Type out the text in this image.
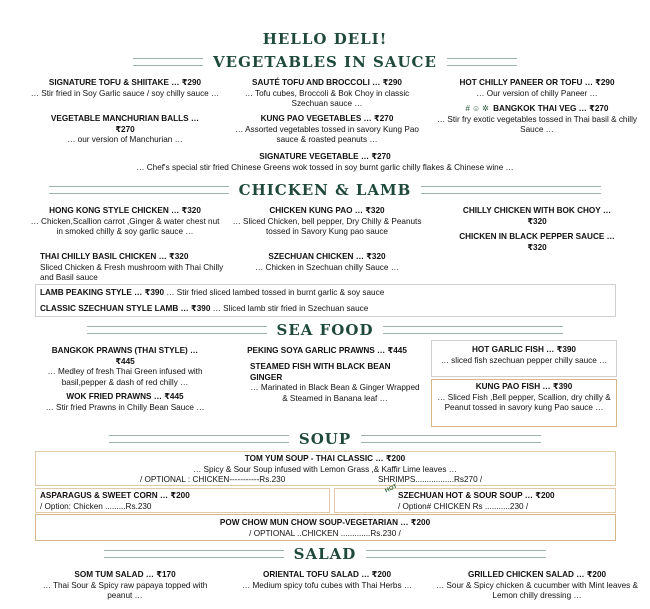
HELLO DELI!
VEGETABLES IN SAUCE
SIGNATURE TOFU & SHIITAKE … ₹290
… Stir fried in Soy Garlic sauce / soy chilly sauce …
SAUTÉ TOFU AND BROCCOLI … ₹290
… Tofu cubes, Broccoli & Bok Choy in classic Szechuan sauce …
HOT CHILLY PANEER OR TOFU … ₹290
… Our version of chilly Paneer …
VEGETABLE MANCHURIAN BALLS …
₹270
… our version of Manchurian …
KUNG PAO VEGETABLES … ₹270
… Assorted vegetables tossed in savory Kung Pao sauce & roasted peanuts …
# ☺ ✲ BANGKOK THAI VEG … ₹270
… Stir fry exotic vegetables tossed in Thai basil & chilly Sauce …
SIGNATURE VEGETABLE … ₹270
… Chef's special stir fried Chinese Greens wok tossed in soy burnt garlic chilly flakes & Chinese wine …
CHICKEN & LAMB
HONG KONG STYLE CHICKEN … ₹320
… Chicken,Scallion carrot ,Ginger & water chest nut in smoked chilly & soy garlic sauce …
CHICKEN KUNG PAO … ₹320
… Sliced Chicken, bell pepper, Dry Chilly & Peanuts tossed in Savory Kung pao sauce
CHILLY CHICKEN WITH BOK CHOY …
₹320
CHICKEN IN BLACK PEPPER SAUCE …
₹320
THAI CHILLY BASIL CHICKEN … ₹320
Sliced Chicken & Fresh mushroom with Thai Chilly and Basil sauce
SZECHUAN CHICKEN … ₹320
… Chicken in Szechuan chilly Sauce …
LAMB PEAKING STYLE … ₹390 … Stir fried sliced lambed tossed in burnt garlic & soy sauce
CLASSIC SZECHUAN STYLE LAMB … ₹390 … Sliced lamb stir fried in Szechuan sauce
SEA FOOD
BANGKOK PRAWNS (THAI STYLE) …
₹445
… Medley of fresh Thai Green infused with basil,pepper & dash of red chilly …
PEKING SOYA GARLIC PRAWNS … ₹445	HOT GARLIC FISH … ₹390
… sliced fish szechuan pepper chilly sauce …
STEAMED FISH WITH BLACK BEAN GINGER
… Marinated in Black Bean & Ginger Wrapped & Steamed in Banana leaf …
WOK FRIED PRAWNS … ₹445
… Stir fried Prawns in Chilly Bean Sauce …
KUNG PAO FISH … ₹390
… Sliced Fish ,Bell pepper, Scallion, dry chilly & Peanut tossed in savory kung Pao sauce …
SOUP
TOM YUM SOUP - THAI CLASSIC … ₹200
… Spicy & Sour Soup infused with Lemon Grass ,& Kaffir Lime leaves …
/ OPTIONAL : CHICKEN-----------Rs.230	SHRIMPS.................Rs270 /
ASPARAGUS & SWEET CORN … ₹200
/ Option: Chicken .........Rs.230
HOT
SZECHUAN HOT & SOUR SOUP … ₹200
/ Option# CHICKEN Rs ...........230 /
POW CHOW MUN CHOW SOUP-VEGETARIAN … ₹200
/ OPTIONAL ..CHICKEN .............Rs.230 /
SALAD
SOM TUM SALAD … ₹170
… Thai Sour & Spicy raw papaya topped with peanut …
ORIENTAL TOFU SALAD … ₹200
… Medium spicy tofu cubes with Thai Herbs …
GRILLED CHICKEN SALAD … ₹200
… Sour & Spicy chicken & cucumber with Mint leaves & Lemon chilly dressing …
